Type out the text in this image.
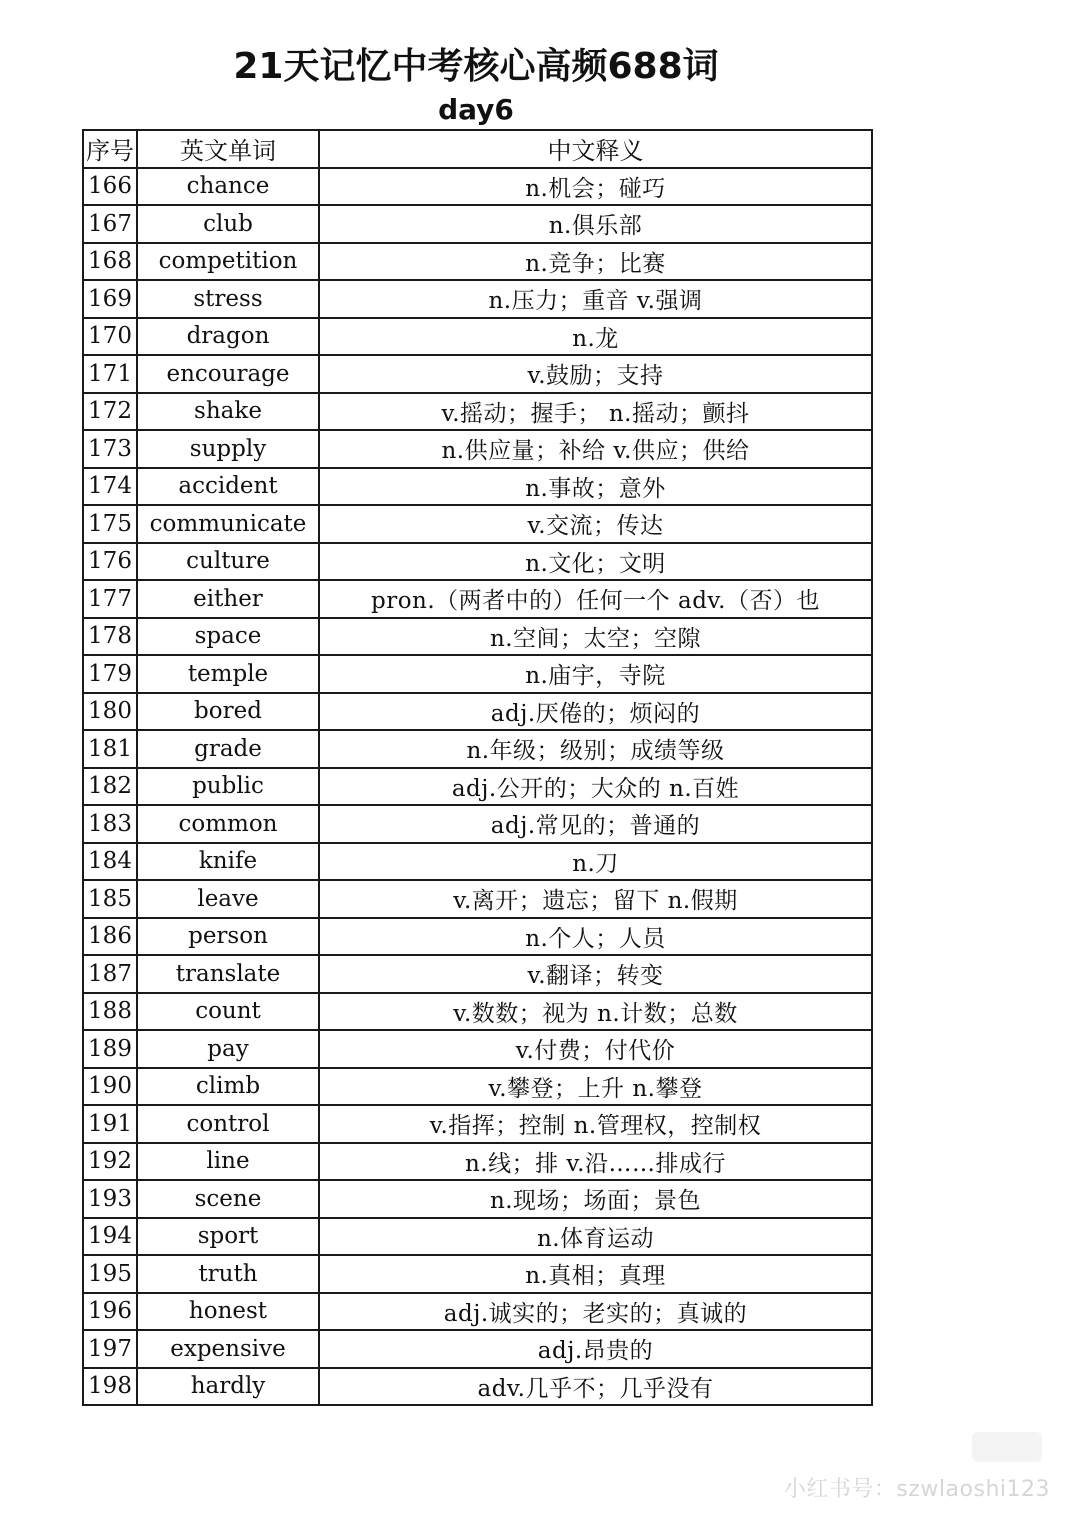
21天记忆中考核心高频688词
day6
序号	英文单词	中文释义
166	chance	n.机会；碰巧
167	club	n.俱乐部
168	competition	n.竞争；比赛
169	stress	n.压力；重音 v.强调
170	dragon	n.龙
171	encourage	v.鼓励；支持
172	shake	v.摇动；握手； n.摇动；颤抖
173	supply	n.供应量；补给 v.供应；供给
174	accident	n.事故；意外
175	communicate	v.交流；传达
176	culture	n.文化；文明
177	either	pron.（两者中的）任何一个 adv.（否）也
178	space	n.空间；太空；空隙
179	temple	n.庙宇，寺院
180	bored	adj.厌倦的；烦闷的
181	grade	n.年级；级别；成绩等级
182	public	adj.公开的；大众的 n.百姓
183	common	adj.常见的；普通的
184	knife	n.刀
185	leave	v.离开；遗忘；留下 n.假期
186	person	n.个人；人员
187	translate	v.翻译；转变
188	count	v.数数；视为 n.计数；总数
189	pay	v.付费；付代价
190	climb	v.攀登；上升 n.攀登
191	control	v.指挥；控制 n.管理权，控制权
192	line	n.线；排 v.沿……排成行
193	scene	n.现场；场面；景色
194	sport	n.体育运动
195	truth	n.真相；真理
196	honest	adj.诚实的；老实的；真诚的
197	expensive	adj.昂贵的
198	hardly	adv.几乎不；几乎没有
小红书号：szwlaoshi123
